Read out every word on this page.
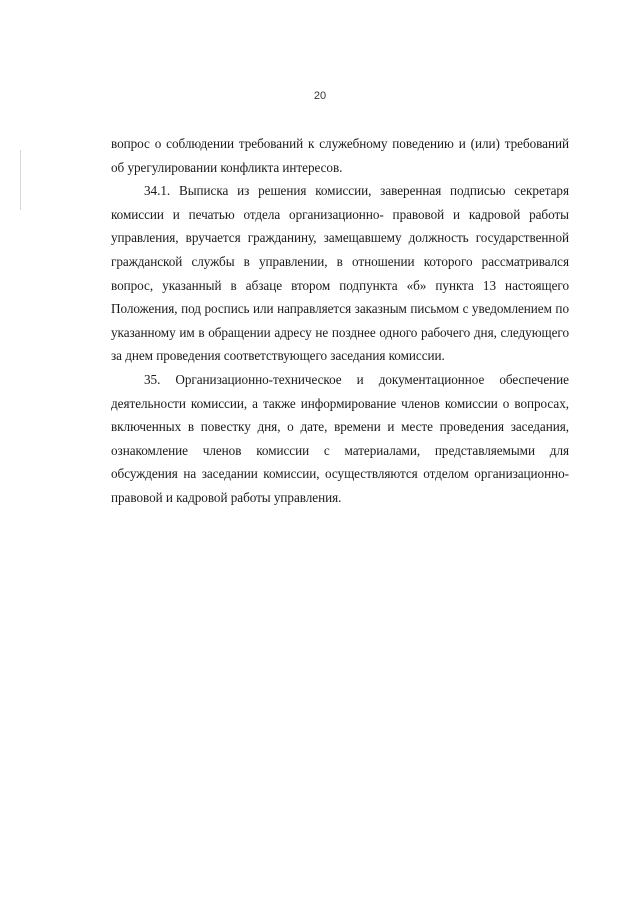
20

вопрос о соблюдении требований к служебному поведению и (или) требований об урегулировании конфликта интересов.

34.1. Выписка из решения комиссии, заверенная подписью секретаря комиссии и печатью отдела организационно- правовой и кадровой работы управления, вручается гражданину, замещавшему должность государственной гражданской службы в управлении, в отношении которого рассматривался вопрос, указанный в абзаце втором подпункта «б» пункта 13 настоящего Положения, под роспись или направляется заказным письмом с уведомлением по указанному им в обращении адресу не позднее одного рабочего дня, следующего за днем проведения соответствующего заседания комиссии.

35. Организационно-техническое и документационное обеспечение деятельности комиссии, а также информирование членов комиссии о вопросах, включенных в повестку дня, о дате, времени и месте проведения заседания, ознакомление членов комиссии с материалами, представляемыми для обсуждения на заседании комиссии, осуществляются отделом организационно-правовой и кадровой работы управления.
